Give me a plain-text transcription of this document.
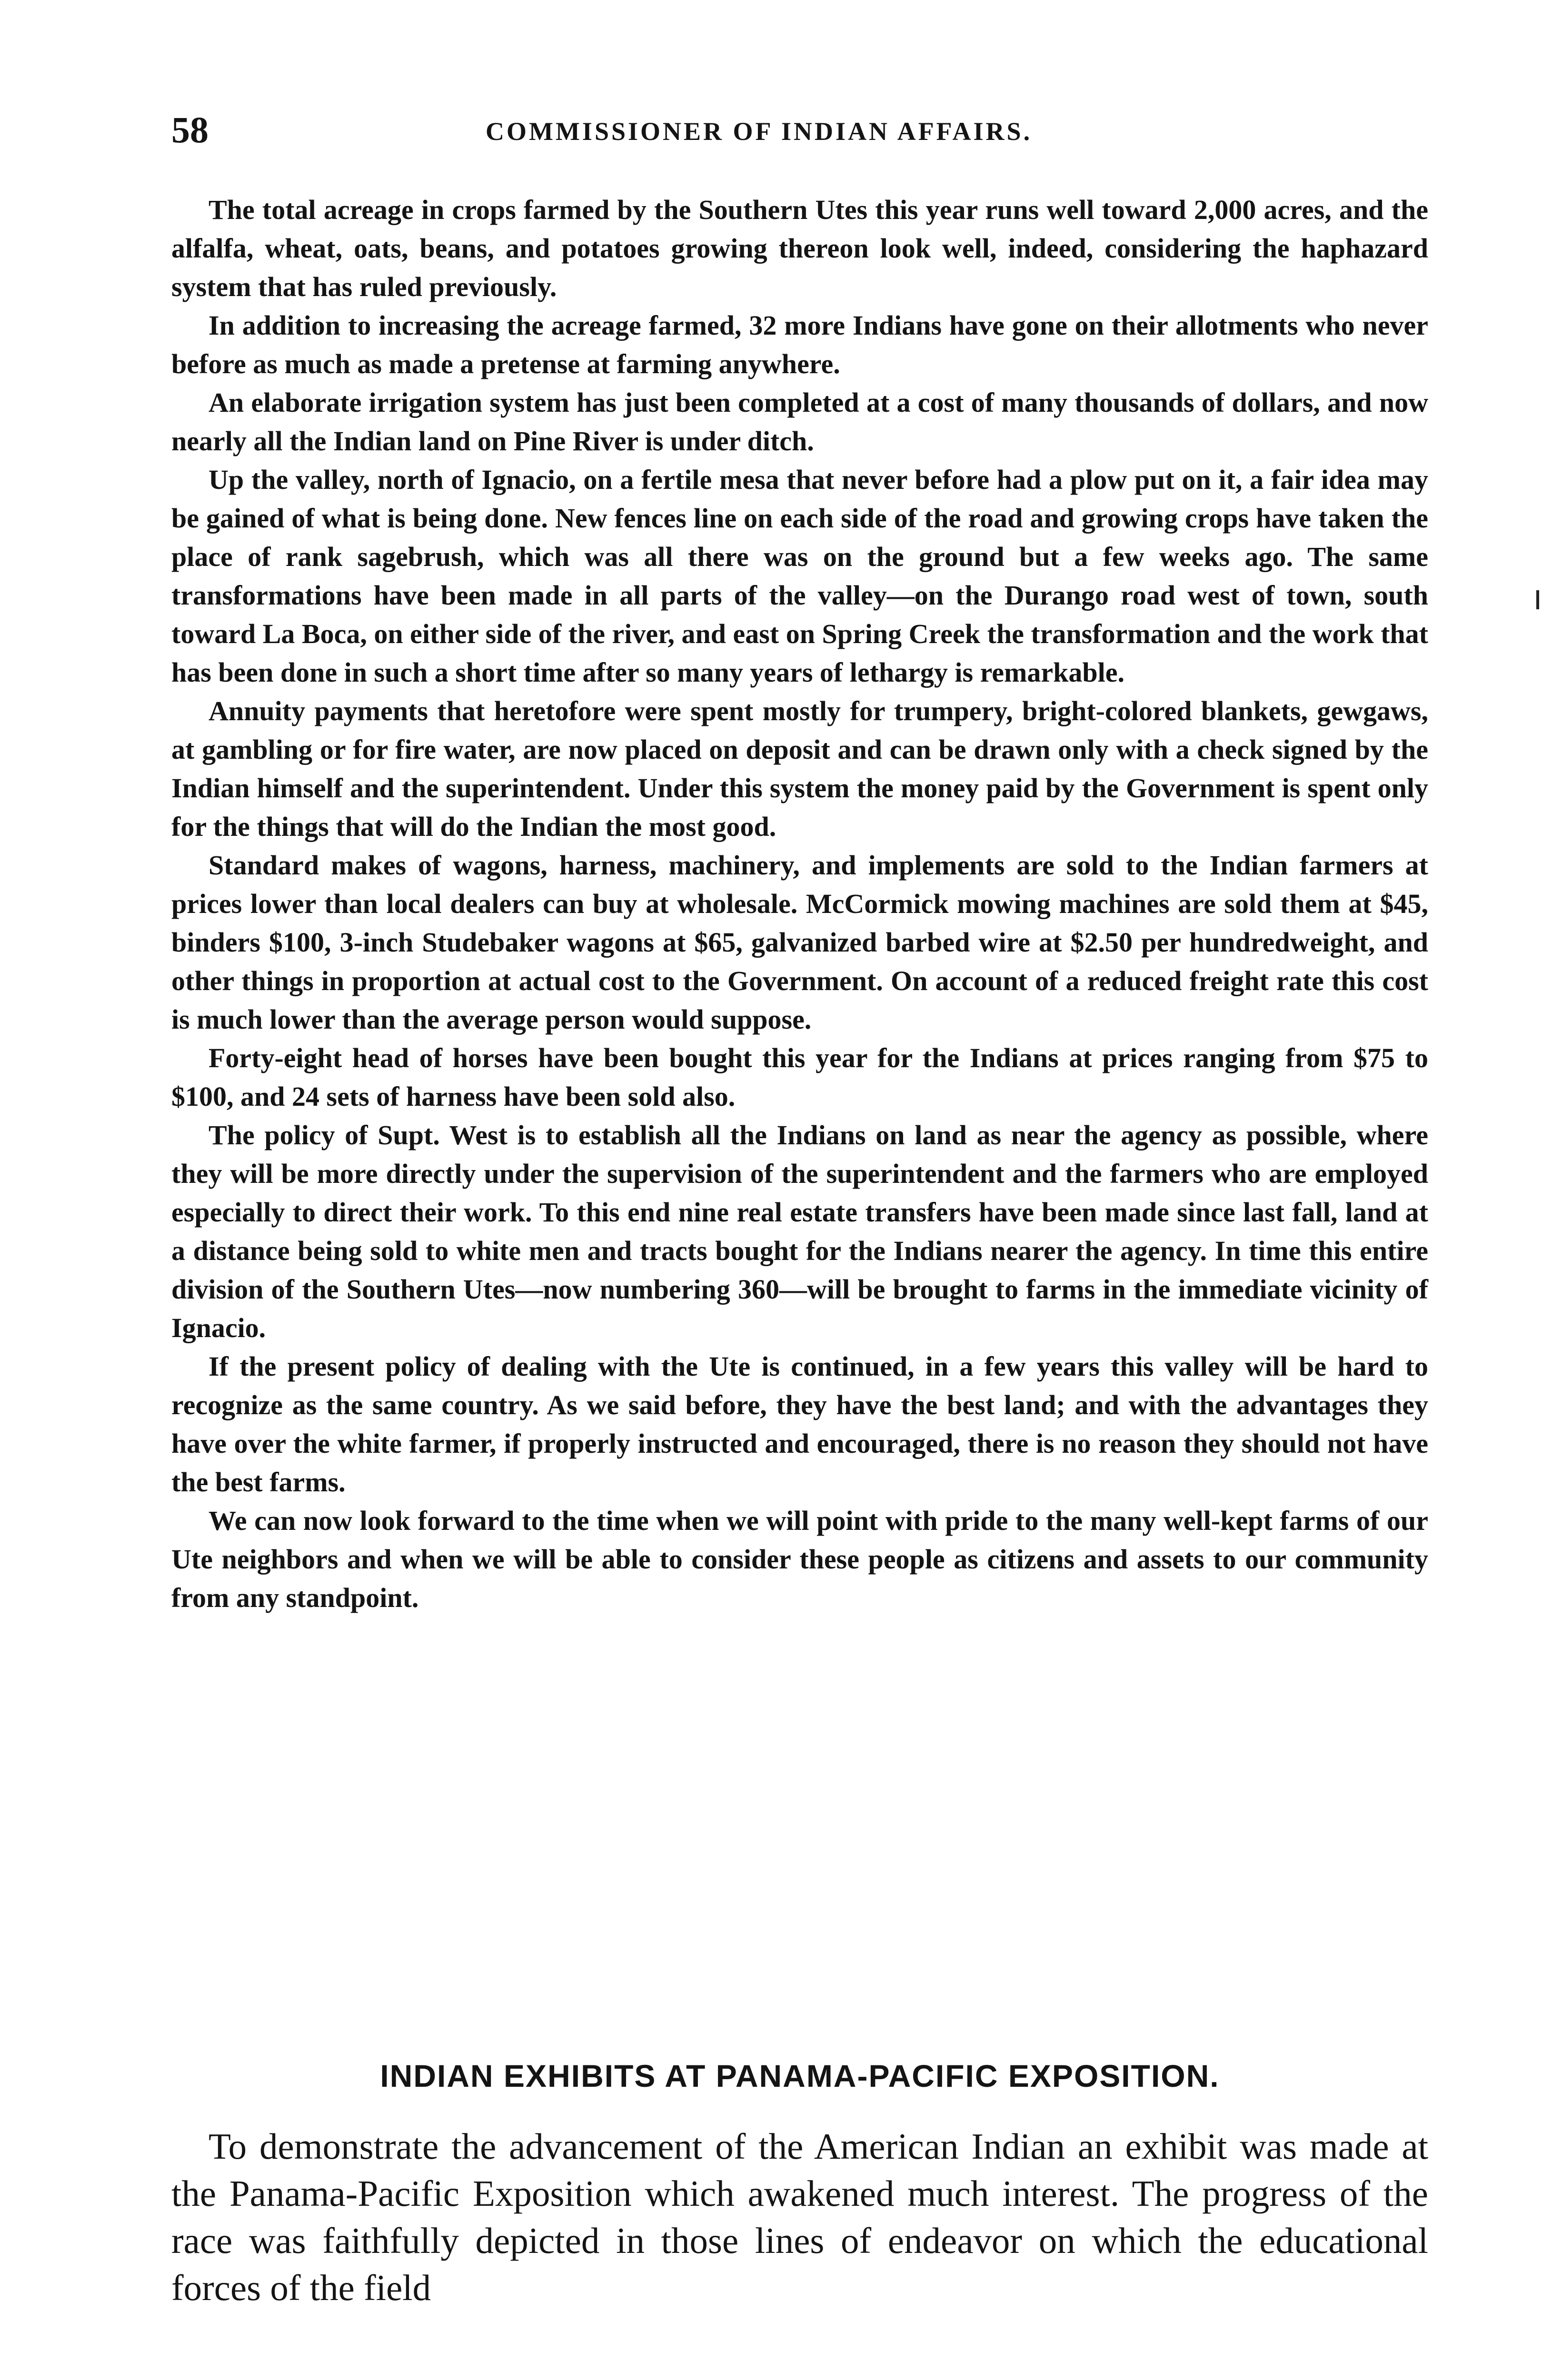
58	COMMISSIONER OF INDIAN AFFAIRS.

The total acreage in crops farmed by the Southern Utes this year runs well toward 2,000 acres, and the alfalfa, wheat, oats, beans, and potatoes growing thereon look well, indeed, considering the haphazard system that has ruled previously.

In addition to increasing the acreage farmed, 32 more Indians have gone on their allotments who never before as much as made a pretense at farming anywhere.

An elaborate irrigation system has just been completed at a cost of many thousands of dollars, and now nearly all the Indian land on Pine River is under ditch.

Up the valley, north of Ignacio, on a fertile mesa that never before had a plow put on it, a fair idea may be gained of what is being done. New fences line on each side of the road and growing crops have taken the place of rank sagebrush, which was all there was on the ground but a few weeks ago. The same transformations have been made in all parts of the valley—on the Durango road west of town, south toward La Boca, on either side of the river, and east on Spring Creek the transformation and the work that has been done in such a short time after so many years of lethargy is remarkable.

Annuity payments that heretofore were spent mostly for trumpery, bright-colored blankets, gewgaws, at gambling or for fire water, are now placed on deposit and can be drawn only with a check signed by the Indian himself and the superintendent. Under this system the money paid by the Government is spent only for the things that will do the Indian the most good.

Standard makes of wagons, harness, machinery, and implements are sold to the Indian farmers at prices lower than local dealers can buy at wholesale. McCormick mowing machines are sold them at $45, binders $100, 3-inch Studebaker wagons at $65, galvanized barbed wire at $2.50 per hundredweight, and other things in proportion at actual cost to the Government. On account of a reduced freight rate this cost is much lower than the average person would suppose.

Forty-eight head of horses have been bought this year for the Indians at prices ranging from $75 to $100, and 24 sets of harness have been sold also.

The policy of Supt. West is to establish all the Indians on land as near the agency as possible, where they will be more directly under the supervision of the superintendent and the farmers who are employed especially to direct their work. To this end nine real estate transfers have been made since last fall, land at a distance being sold to white men and tracts bought for the Indians nearer the agency. In time this entire division of the Southern Utes—now numbering 360—will be brought to farms in the immediate vicinity of Ignacio.

If the present policy of dealing with the Ute is continued, in a few years this valley will be hard to recognize as the same country. As we said before, they have the best land; and with the advantages they have over the white farmer, if properly instructed and encouraged, there is no reason they should not have the best farms.

We can now look forward to the time when we will point with pride to the many well-kept farms of our Ute neighbors and when we will be able to consider these people as citizens and assets to our community from any standpoint.

INDIAN EXHIBITS AT PANAMA-PACIFIC EXPOSITION.

To demonstrate the advancement of the American Indian an exhibit was made at the Panama-Pacific Exposition which awakened much interest. The progress of the race was faithfully depicted in those lines of endeavor on which the educational forces of the field
